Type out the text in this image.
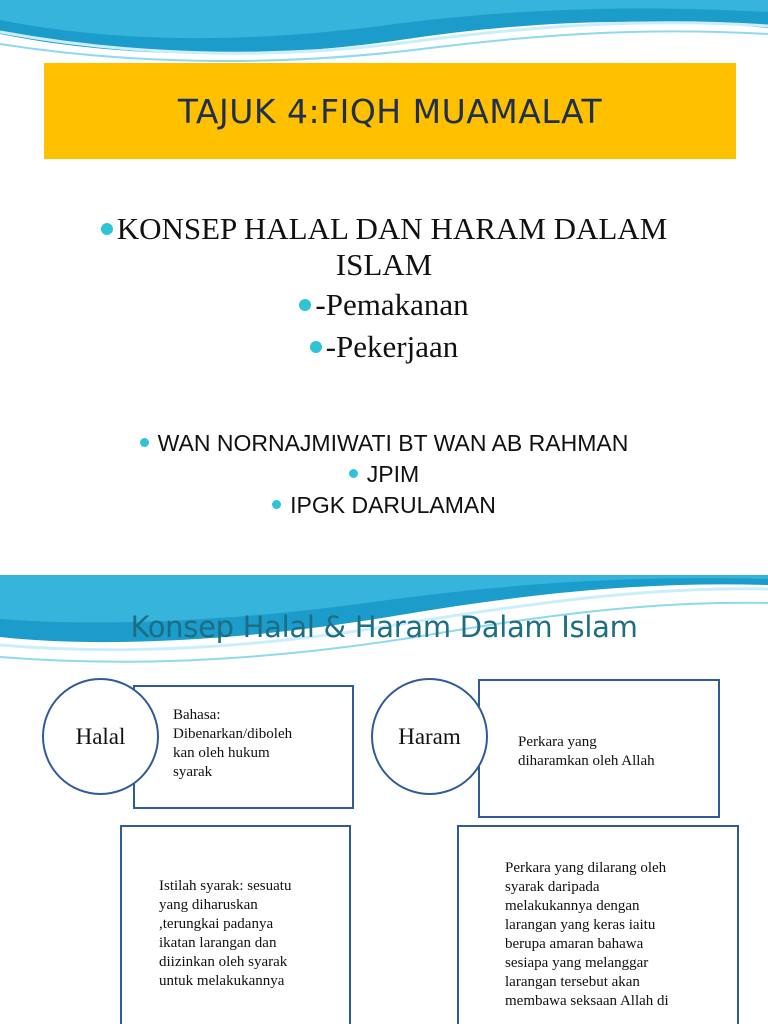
TAJUK 4:FIQH MUAMALAT
KONSEP HALAL DAN HARAM DALAM
ISLAM
-Pemakanan
-Pekerjaan
WAN NORNAJMIWATI BT WAN AB RAHMAN
JPIM
IPGK DARULAMAN
Konsep Halal & Haram Dalam Islam
Bahasa:
Dibenarkan/diboleh
kan oleh hukum
syarak
Halal	Perkara yang
diharamkan oleh Allah
Haram
Istilah syarak: sesuatu
yang diharuskan
,terungkai padanya
ikatan larangan dan
diizinkan oleh syarak
untuk melakukannya
Perkara yang dilarang oleh
syarak daripada
melakukannya dengan
larangan yang keras iaitu
berupa amaran bahawa
sesiapa yang melanggar
larangan tersebut akan
membawa seksaan Allah di
